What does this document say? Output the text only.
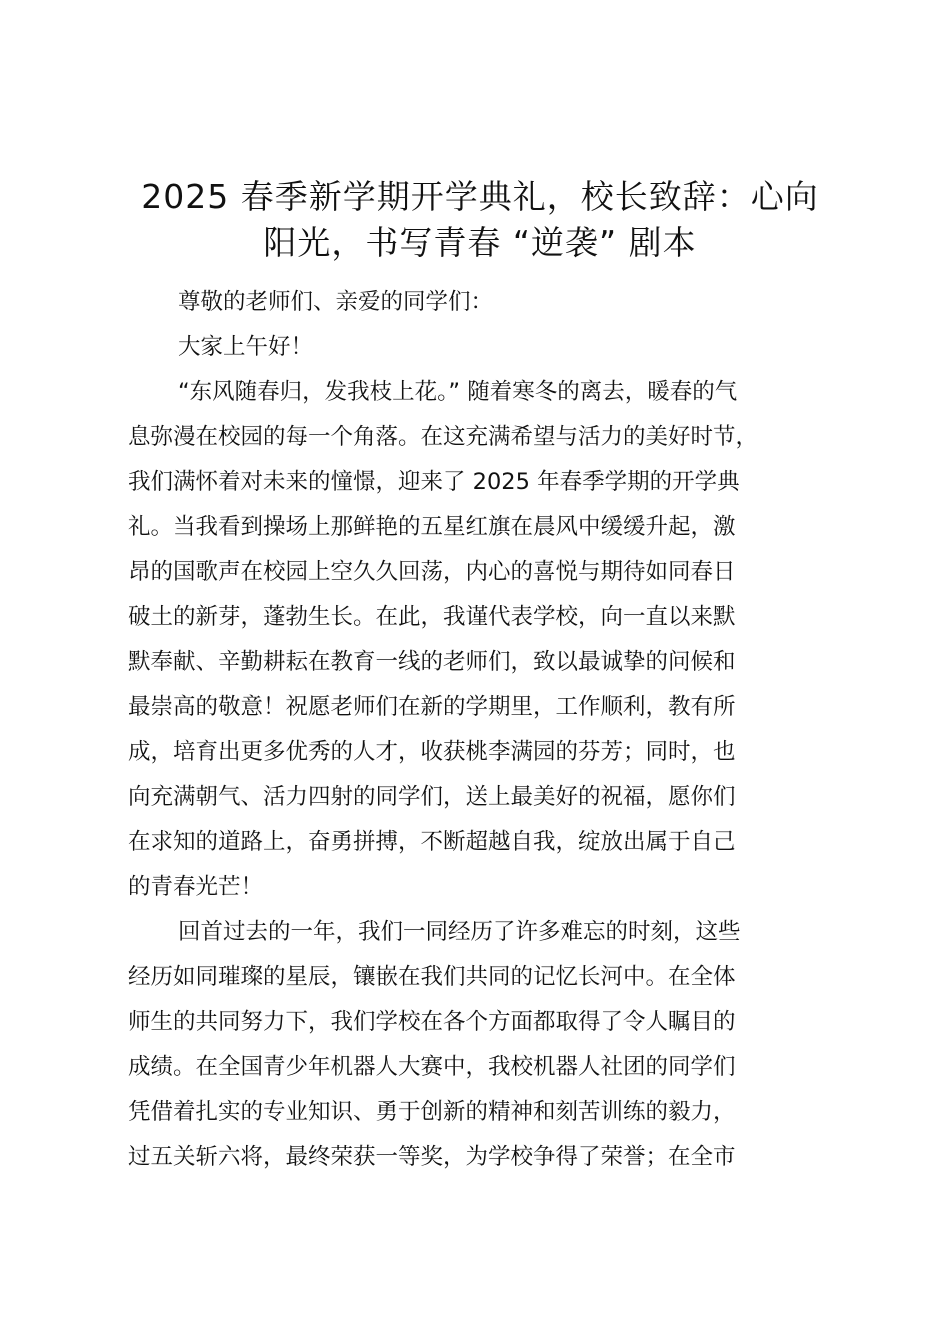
2025 春季新学期开学典礼，校长致辞：心向
阳光，书写青春 “逆袭” 剧本
尊敬的老师们、亲爱的同学们：
大家上午好！
“东风随春归，发我枝上花。” 随着寒冬的离去，暖春的气
息弥漫在校园的每一个角落。在这充满希望与活力的美好时节，
我们满怀着对未来的憧憬，迎来了 2025 年春季学期的开学典
礼。当我看到操场上那鲜艳的五星红旗在晨风中缓缓升起，激
昂的国歌声在校园上空久久回荡，内心的喜悦与期待如同春日
破土的新芽，蓬勃生长。在此，我谨代表学校，向一直以来默
默奉献、辛勤耕耘在教育一线的老师们，致以最诚挚的问候和
最崇高的敬意！祝愿老师们在新的学期里，工作顺利，教有所
成，培育出更多优秀的人才，收获桃李满园的芬芳；同时，也
向充满朝气、活力四射的同学们，送上最美好的祝福，愿你们
在求知的道路上，奋勇拼搏，不断超越自我，绽放出属于自己
的青春光芒！
回首过去的一年，我们一同经历了许多难忘的时刻，这些
经历如同璀璨的星辰，镶嵌在我们共同的记忆长河中。在全体
师生的共同努力下，我们学校在各个方面都取得了令人瞩目的
成绩。在全国青少年机器人大赛中，我校机器人社团的同学们
凭借着扎实的专业知识、勇于创新的精神和刻苦训练的毅力，
过五关斩六将，最终荣获一等奖，为学校争得了荣誉；在全市
